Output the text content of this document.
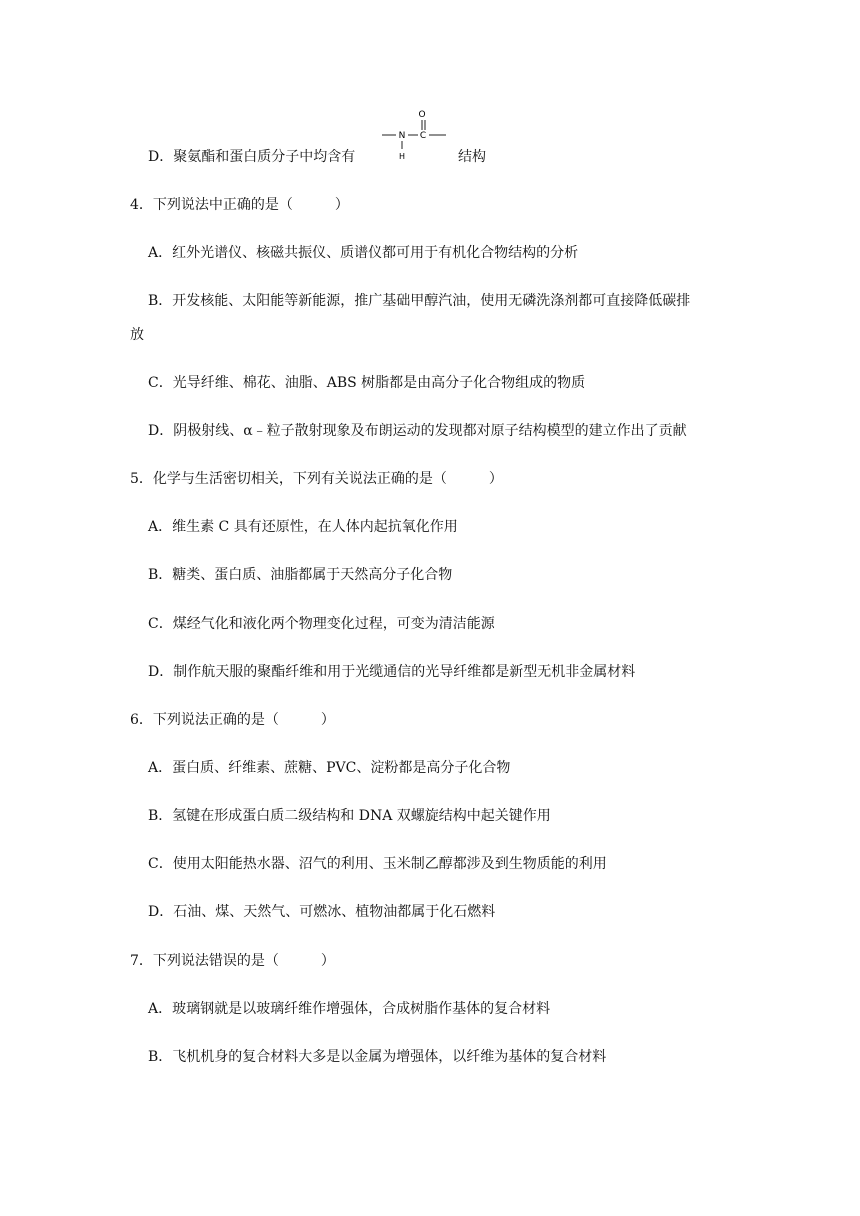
D．聚氨酯和蛋白质分子中均含有
O
N C
H	结构
4．下列说法中正确的是（	）
A．红外光谱仪、核磁共振仪、质谱仪都可用于有机化合物结构的分析
B．开发核能、太阳能等新能源，推广基础甲醇汽油，使用无磷洗涤剂都可直接降低碳排
放
C．光导纤维、棉花、油脂、ABS 树脂都是由高分子化合物组成的物质
D．阴极射线、α﹣粒子散射现象及布朗运动的发现都对原子结构模型的建立作出了贡献
5．化学与生活密切相关，下列有关说法正确的是（	）
A．维生素 C 具有还原性，在人体内起抗氧化作用
B．糖类、蛋白质、油脂都属于天然高分子化合物
C．煤经气化和液化两个物理变化过程，可变为清洁能源
D．制作航天服的聚酯纤维和用于光缆通信的光导纤维都是新型无机非金属材料
6．下列说法正确的是（	）
A．蛋白质、纤维素、蔗糖、PVC、淀粉都是高分子化合物
B．氢键在形成蛋白质二级结构和 DNA 双螺旋结构中起关键作用
C．使用太阳能热水器、沼气的利用、玉米制乙醇都涉及到生物质能的利用
D．石油、煤、天然气、可燃冰、植物油都属于化石燃料
7．下列说法错误的是（	）
A．玻璃钢就是以玻璃纤维作增强体，合成树脂作基体的复合材料
B．飞机机身的复合材料大多是以金属为增强体，以纤维为基体的复合材料
